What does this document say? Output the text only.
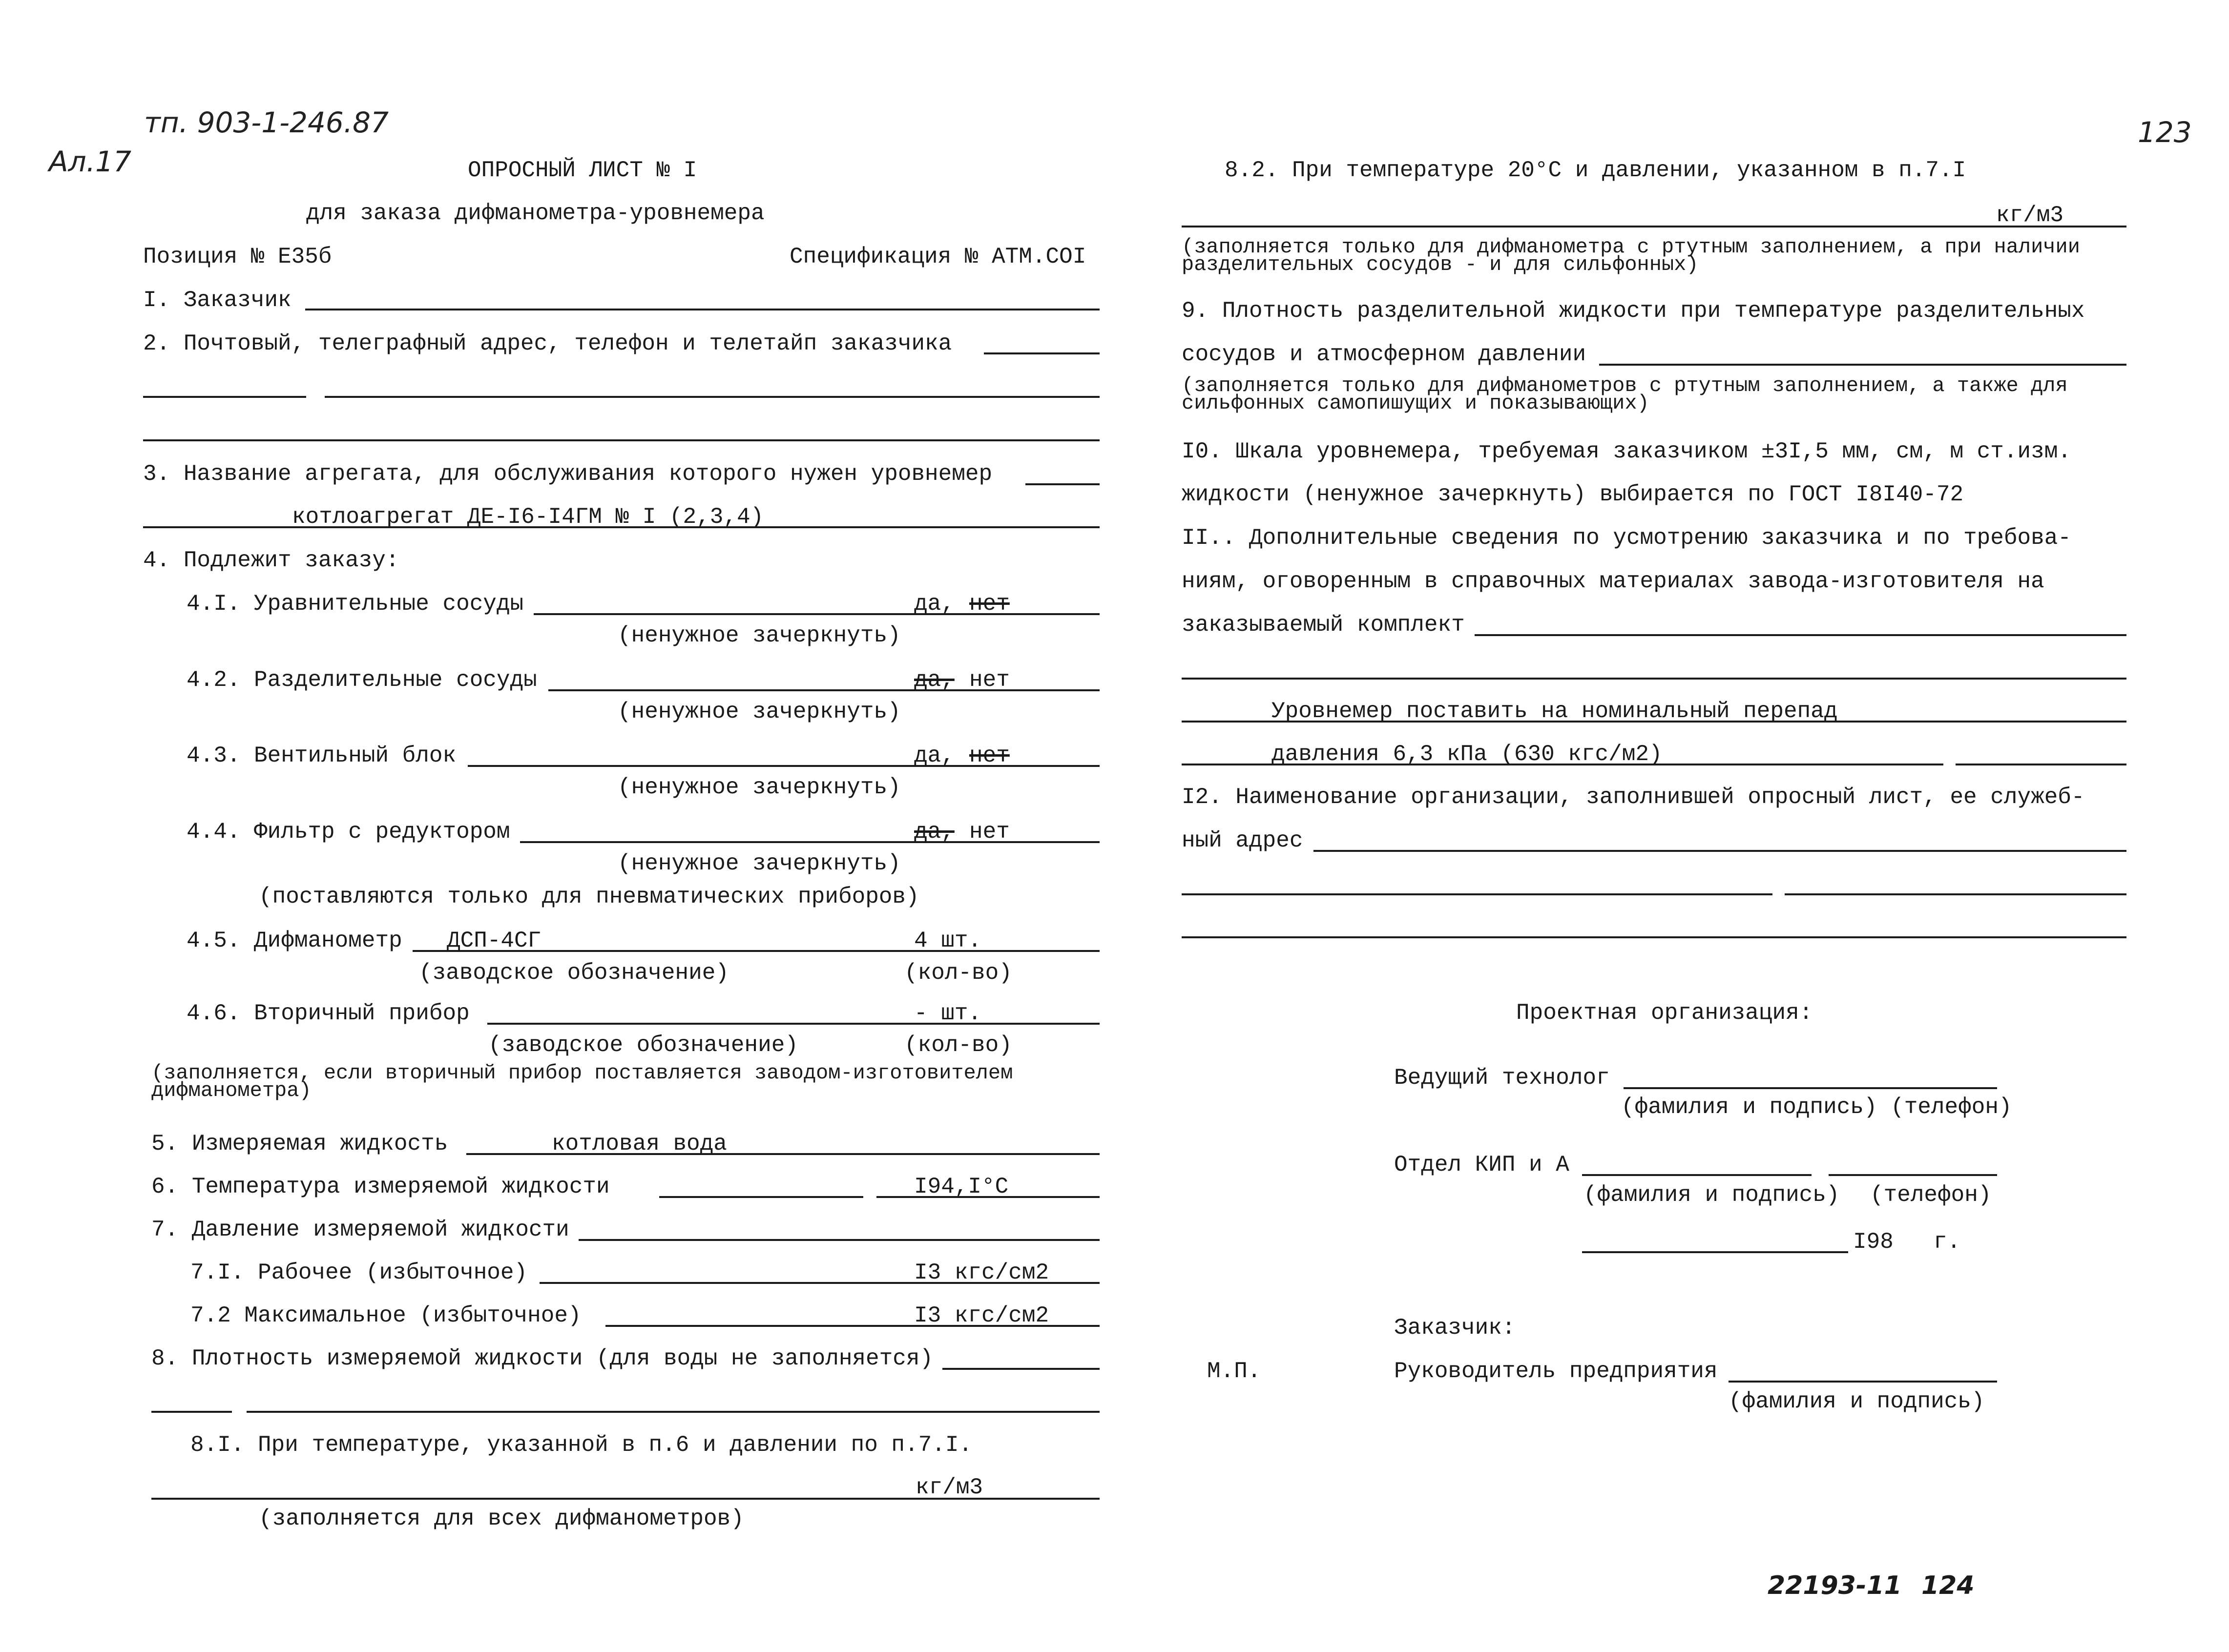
тп. 903-1-246.87
Ал.17
123
ОПРОСНЫЙ ЛИСТ № I
для заказа дифманометра-уровнемера
Позиция № Е35б	Спецификация № АТМ.СОI
I. Заказчик
2. Почтовый, телеграфный адрес, телефон и телетайп заказчика
3. Название агрегата, для обслуживания которого нужен уровнемер
котлоагрегат ДЕ-I6-I4ГМ № I (2,3,4)
4. Подлежит заказу:
4.I. Уравнительные сосуды	да, нет
(ненужное зачеркнуть)
4.2. Разделительные сосуды	да, нет
(ненужное зачеркнуть)
4.3. Вентильный блок	да, нет
(ненужное зачеркнуть)
4.4. Фильтр с редуктором	да, нет
(ненужное зачеркнуть)
(поставляются только для пневматических приборов)
4.5. Дифманометр ДСП-4СГ	4 шт.
(заводское обозначение)	(кол-во)
4.6. Вторичный прибор	- шт.
(заводское обозначение)	(кол-во)
(заполняется, если вторичный прибор поставляется заводом-изготовителем дифманометра)
5. Измеряемая жидкость	котловая вода
6. Температура измеряемой жидкости	I94,I°С
7. Давление измеряемой жидкости
7.I. Рабочее (избыточное)	I3 кгс/см2
7.2 Максимальное (избыточное)	I3 кгс/см2
8. Плотность измеряемой жидкости (для воды не заполняется)
8.I. При температуре, указанной в п.6 и давлении по п.7.I.
кг/м3
(заполняется для всех дифманометров)
8.2. При температуре 20°С и давлении, указанном в п.7.I
кг/м3
(заполняется только для дифманометра с ртутным заполнением, а при наличии разделительных сосудов - и для сильфонных)
9. Плотность разделительной жидкости при температуре разделительных
сосудов и атмосферном давлении
(заполняется только для дифманометров с ртутным заполнением, а также для сильфонных самопишущих и показывающих)
I0. Шкала уровнемера, требуемая заказчиком ±3I,5 мм, см, м ст.изм.
жидкости (ненужное зачеркнуть) выбирается по ГОСТ I8I40-72
II.. Дополнительные сведения по усмотрению заказчика и по требова-
ниям, оговоренным в справочных материалах завода-изготовителя на
заказываемый комплект
Уровнемер поставить на номинальный перепад
давления 6,3 кПа (630 кгс/м2)
I2. Наименование организации, заполнившей опросный лист, ее служеб-
ный адрес
Проектная организация:
Ведущий технолог
(фамилия и подпись) (телефон)
Отдел КИП и А
(фамилия и подпись) (телефон)
I98 г.
Заказчик:
М.П.	Руководитель предприятия
(фамилия и подпись)
22193-11 124
